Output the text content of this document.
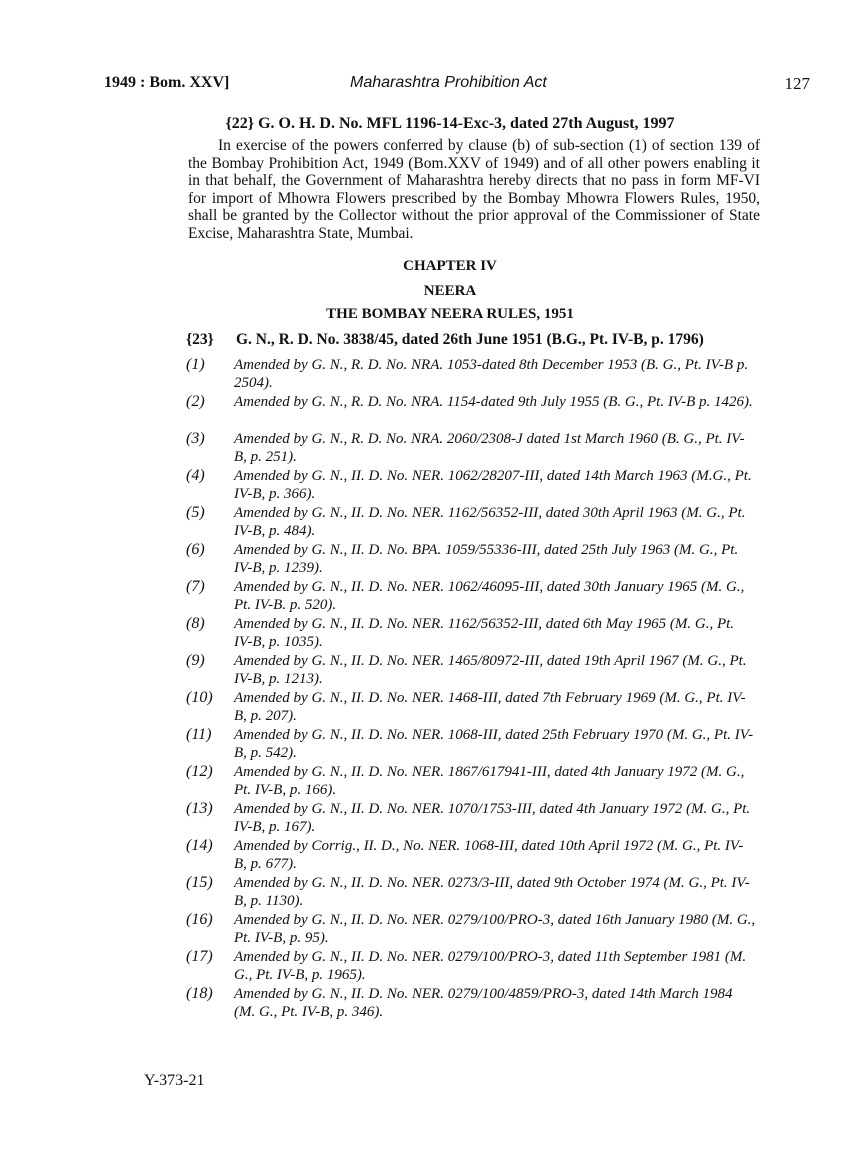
1949 : Bom. XXV]	Maharashtra Prohibition Act	127
{22} G. O. H. D. No. MFL 1196-14-Exc-3, dated 27th August, 1997

In exercise of the powers conferred by clause (b) of sub-section (1) of section 139 of the Bombay Prohibition Act, 1949 (Bom.XXV of 1949) and of all other powers enabling it in that behalf, the Government of Maharashtra hereby directs that no pass in form MF-VI for import of Mhowra Flowers prescribed by the Bombay Mhowra Flowers Rules, 1950, shall be granted by the Collector without the prior approval of the Commissioner of State Excise, Maharashtra State, Mumbai.

CHAPTER IV
NEERA
THE BOMBAY NEERA RULES, 1951
{23} G. N., R. D. No. 3838/45, dated 26th June 1951 (B.G., Pt. IV-B, p. 1796)
(1)	Amended by G. N., R. D. No. NRA. 1053-dated 8th December 1953 (B. G., Pt. IV-B p. 2504).
(2)	Amended by G. N., R. D. No. NRA. 1154-dated 9th July 1955 (B. G., Pt. IV-B p. 1426).
(3)	Amended by G. N., R. D. No. NRA. 2060/2308-J dated 1st March 1960 (B. G., Pt. IV-B, p. 251).
(4)	Amended by G. N., II. D. No. NER. 1062/28207-III, dated 14th March 1963 (M.G., Pt. IV-B, p. 366).
(5)	Amended by G. N., II. D. No. NER. 1162/56352-III, dated 30th April 1963 (M. G., Pt. IV-B, p. 484).
(6)	Amended by G. N., II. D. No. BPA. 1059/55336-III, dated 25th July 1963 (M. G., Pt. IV-B, p. 1239).
(7)	Amended by G. N., II. D. No. NER. 1062/46095-III, dated 30th January 1965 (M. G., Pt. IV-B. p. 520).
(8)	Amended by G. N., II. D. No. NER. 1162/56352-III, dated 6th May 1965 (M. G., Pt. IV-B, p. 1035).
(9)	Amended by G. N., II. D. No. NER. 1465/80972-III, dated 19th April 1967 (M. G., Pt. IV-B, p. 1213).
(10)	Amended by G. N., II. D. No. NER. 1468-III, dated 7th February 1969 (M. G., Pt. IV-B, p. 207).
(11)	Amended by G. N., II. D. No. NER. 1068-III, dated 25th February 1970 (M. G., Pt. IV-B, p. 542).
(12)	Amended by G. N., II. D. No. NER. 1867/617941-III, dated 4th January 1972 (M. G., Pt. IV-B, p. 166).
(13)	Amended by G. N., II. D. No. NER. 1070/1753-III, dated 4th January 1972 (M. G., Pt. IV-B, p. 167).
(14)	Amended by Corrig., II. D., No. NER. 1068-III, dated 10th April 1972 (M. G., Pt. IV-B, p. 677).
(15)	Amended by G. N., II. D. No. NER. 0273/3-III, dated 9th October 1974 (M. G., Pt. IV-B, p. 1130).
(16)	Amended by G. N., II. D. No. NER. 0279/100/PRO-3, dated 16th January 1980 (M. G., Pt. IV-B, p. 95).
(17)	Amended by G. N., II. D. No. NER. 0279/100/PRO-3, dated 11th September 1981 (M. G., Pt. IV-B, p. 1965).
(18)	Amended by G. N., II. D. No. NER. 0279/100/4859/PRO-3, dated 14th March 1984 (M. G., Pt. IV-B, p. 346).
Y-373-21
